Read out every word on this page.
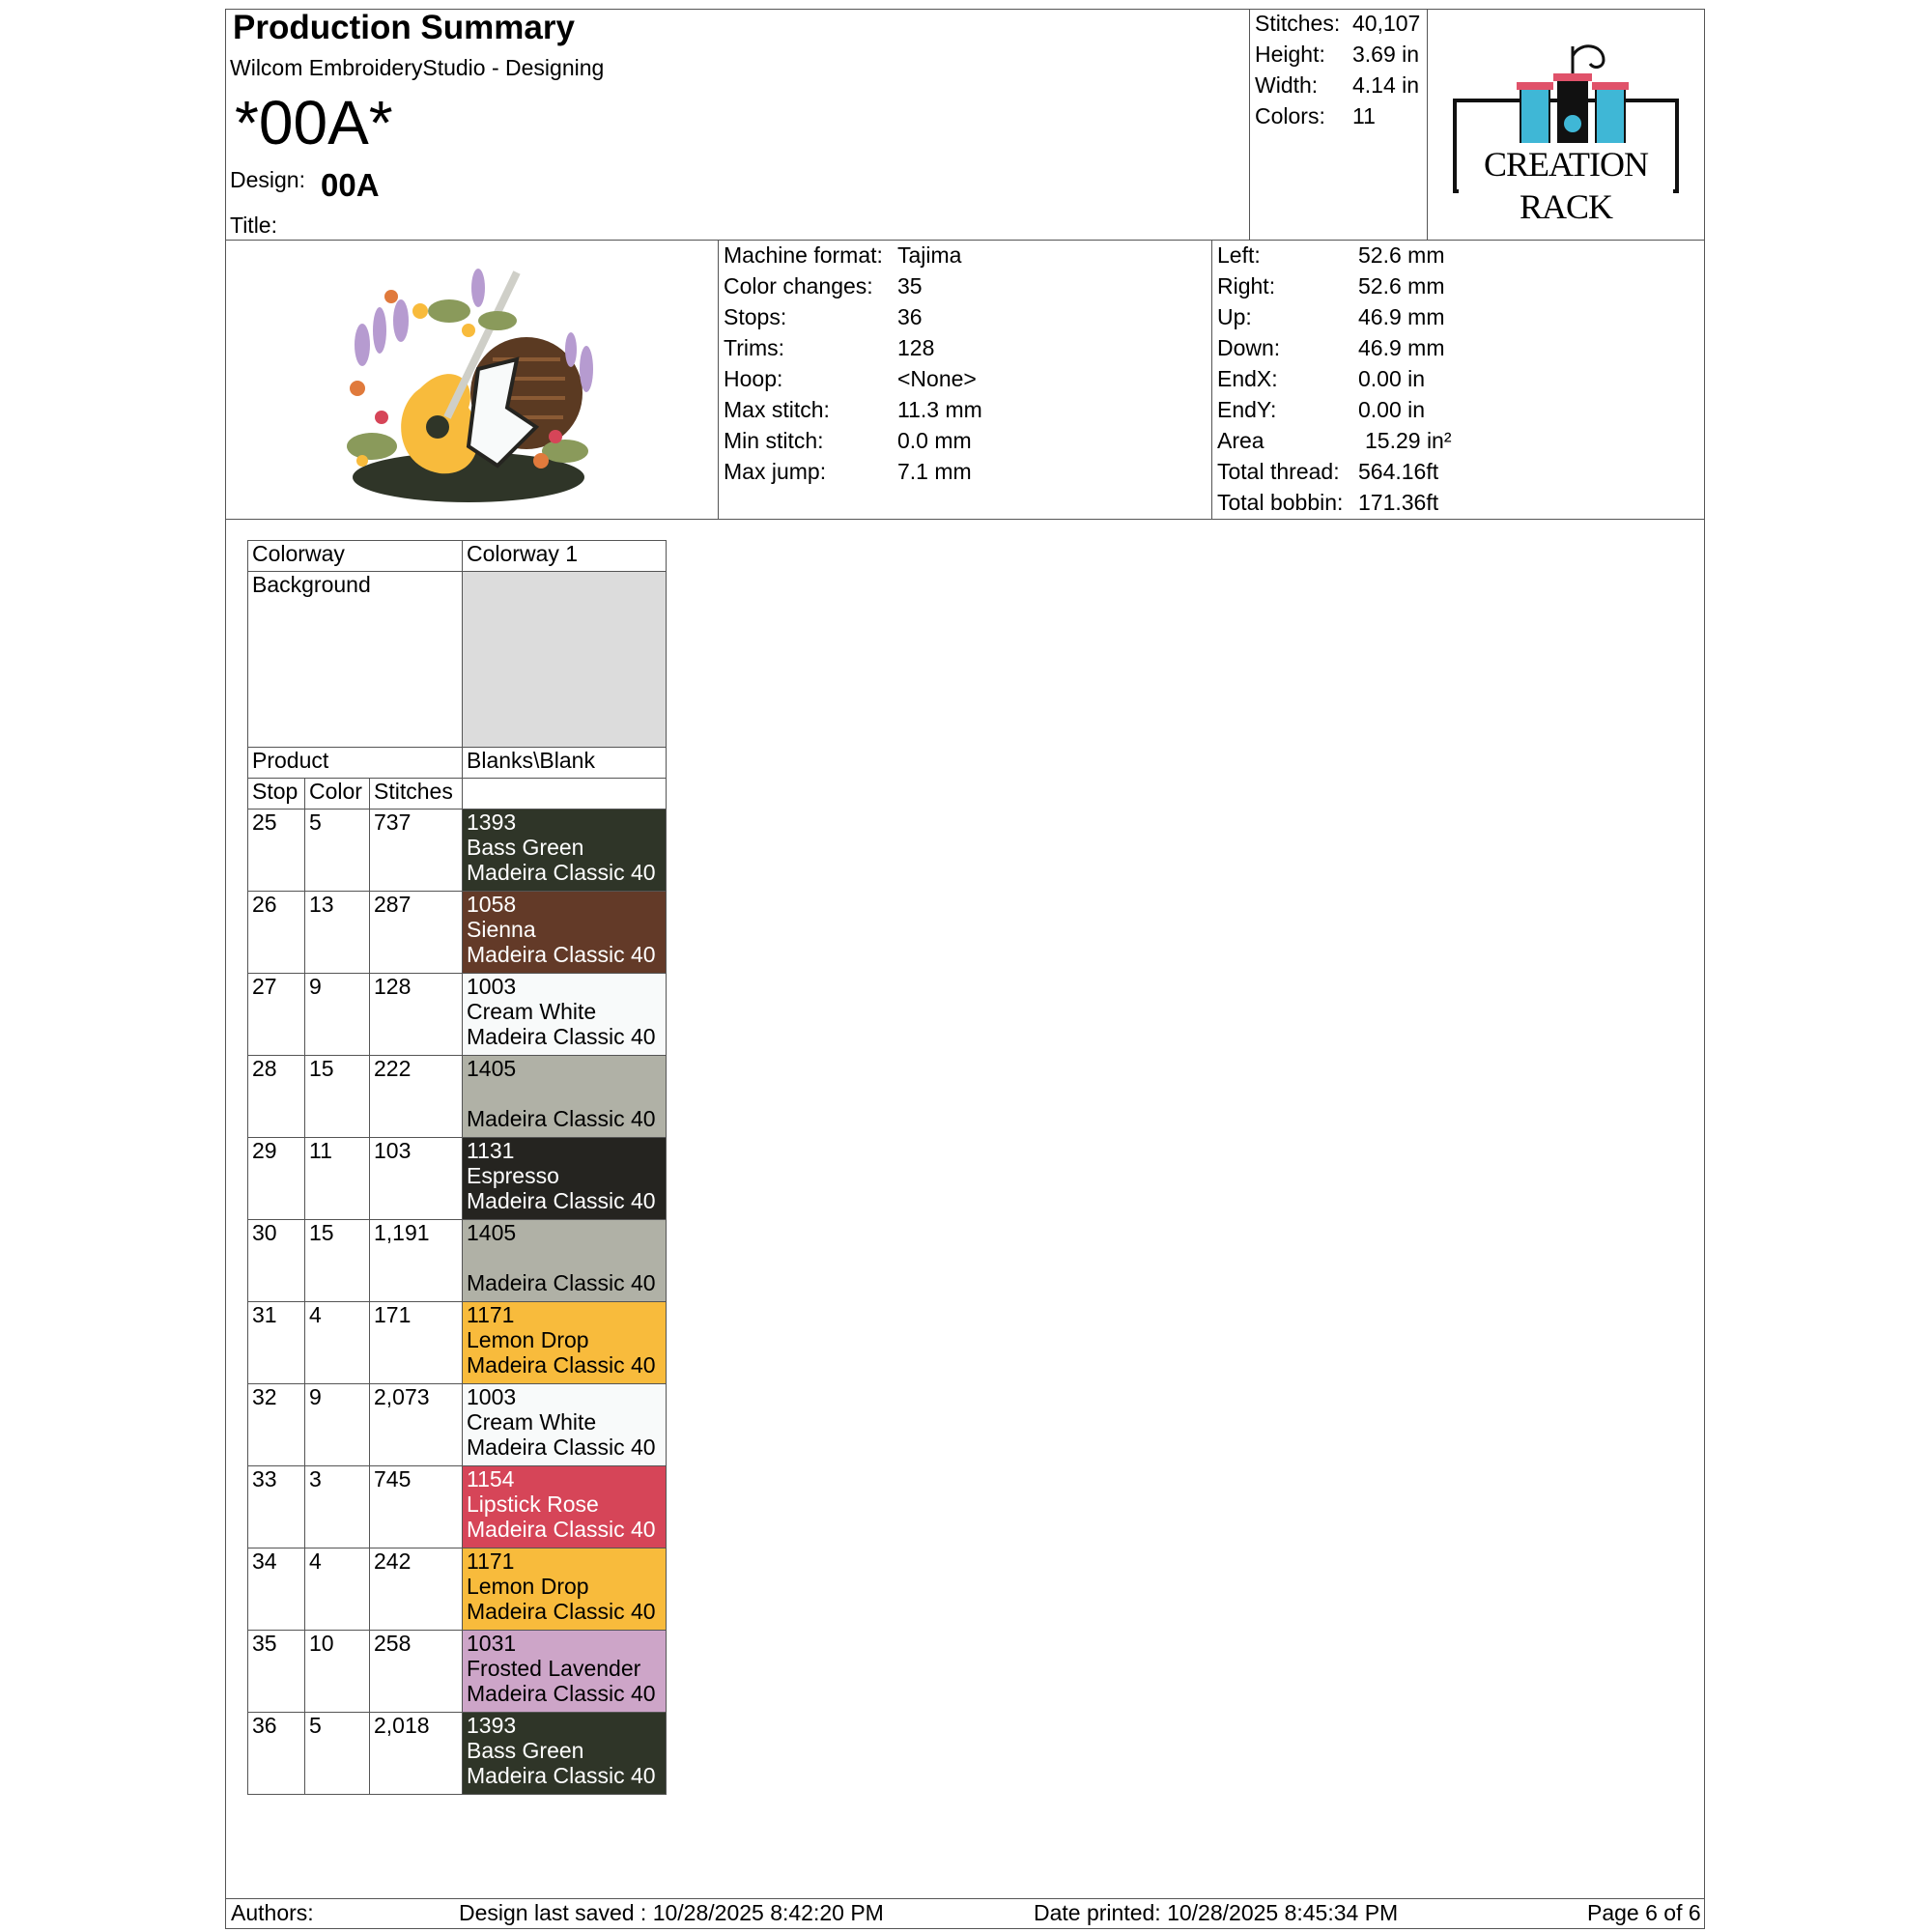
Production Summary
Wilcom EmbroideryStudio - Designing
*00A*
Design: 00A
Title:
Stitches: 40,107
Height: 3.69 in
Width: 4.14 in
Colors: 11
CREATION RACK
Machine format: Tajima
Color changes: 35
Stops:	36
Trims:	128
Hoop:	<None>
Max stitch:	11.3 mm
Min stitch:	0.0 mm
Max jump:	7.1 mm
Left:	52.6 mm
Right:	52.6 mm
Up:	46.9 mm
Down:	46.9 mm
EndX:	0.00 in
EndY:	0.00 in
Area	15.29 in²
Total thread: 564.16ft
Total bobbin: 171.36ft
Colorway			Colorway 1
Background			
Product			Blanks\Blank
Stop	Color	Stitches	
25	5	737	1393
Bass Green
Madeira Classic 40

26	13	287	1058
Sienna
Madeira Classic 40

27	9	128	1003
Cream White
Madeira Classic 40

28	15	222	1405
Madeira Classic 40

29	11	103	1131
Espresso
Madeira Classic 40

30	15	1,191	1405
Madeira Classic 40

31	4	171	1171
Lemon Drop
Madeira Classic 40

32	9	2,073	1003
Cream White
Madeira Classic 40

33	3	745	1154
Lipstick Rose
Madeira Classic 40

34	4	242	1171
Lemon Drop
Madeira Classic 40

35	10	258	1031
Frosted Lavender
Madeira Classic 40

36	5	2,018	1393
Bass Green
Madeira Classic 40
Authors:	Design last saved : 10/28/2025 8:42:20 PM	Date printed: 10/28/2025 8:45:34 PM	Page 6 of 6
